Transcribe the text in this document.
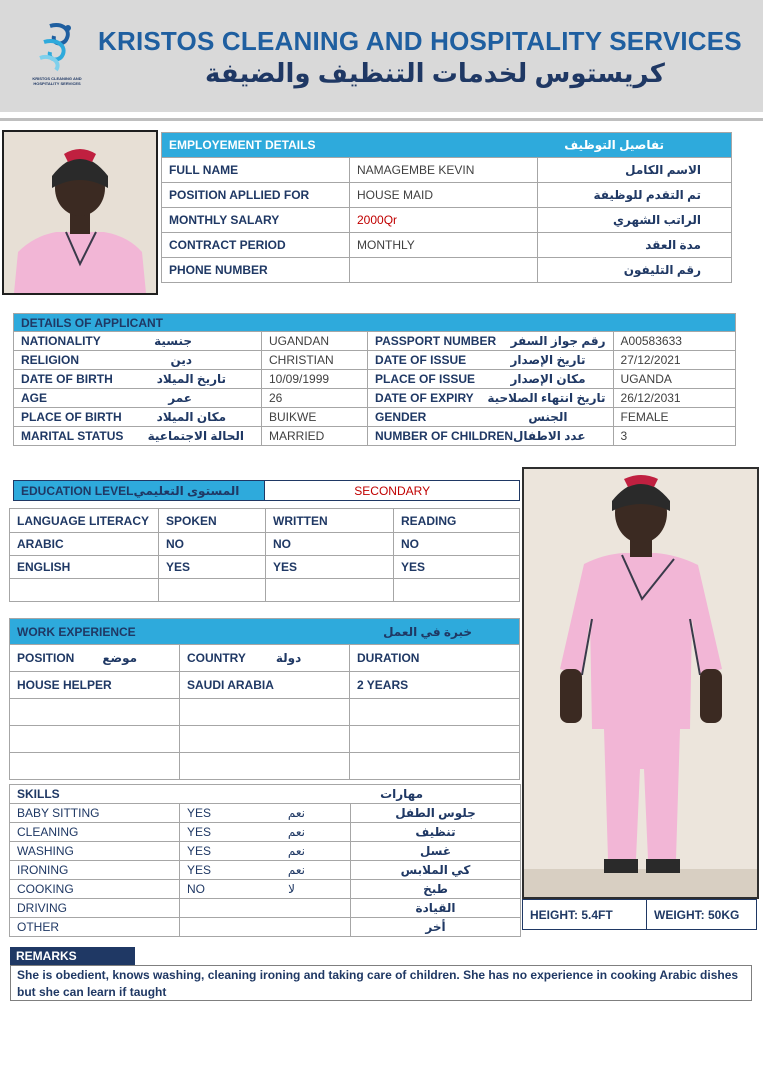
KRISTOS CLEANING AND HOSPITALITY SERVICES
KRISTOS CLEANING AND HOSPITALITY SERVICES
كريستوس لخدمات التنظيف والضيفة
EMPLOYEMENT DETAILS تفاصيل التوظيف		

FULL NAME	NAMAGEMBE KEVIN	الاسم الكامل
POSITION APLLIED FOR	HOUSE MAID	تم التقدم للوظيفة
MONTHLY SALARY	2000Qr	الراتب الشهري
CONTRACT PERIOD	MONTHLY	مدة العقد
PHONE NUMBER		رقم التليفون
DETAILS OF APPLICANT			

NATIONALITY جنسية	UGANDAN	PASSPORT NUMBER رقم جواز السفر	A00583633

RELIGION دين	CHRISTIAN	DATE OF ISSUE تاريخ الإصدار	27/12/2021

DATE OF BIRTH تاريخ الميلاد	10/09/1999	PLACE OF ISSUE مكان الإصدار	UGANDA

AGE عمر	26	DATE OF EXPIRY تاريخ انتهاء الصلاحية	26/12/2031

PLACE OF BIRTH مكان الميلاد	BUIKWE	GENDER الجنس	FEMALE

MARITAL STATUS الحالة الاجتماعية	MARRIED	NUMBER OF CHILDREN عدد الاطفال	3
EDUCATION LEVEL المستوى التعليمي	SECONDARY
LANGUAGE LITERACY	SPOKEN	WRITTEN	READING
ARABIC	NO	NO	NO
ENGLISH	YES	YES	YES

WORK EXPERIENCE خبرة في العمل		

POSITION موضع	COUNTRY دولة	DURATION
HOUSE HELPER	SAUDI ARABIA	2 YEARS

SKILLS مهارات		

BABY SITTING	YES نعم	جلوس الطفل
CLEANING	YES نعم	تنظيف
WASHING	YES نعم	غسل
IRONING	YES نعم	كي الملابس
COOKING	NO لا	طبخ
DRIVING		القيادة
OTHER		أخر
HEIGHT: 5.4FT	WEIGHT: 50KG
REMARKS
She is obedient, knows washing, cleaning ironing and taking care of children. She has no experience in cooking Arabic dishes but she can learn if taught
